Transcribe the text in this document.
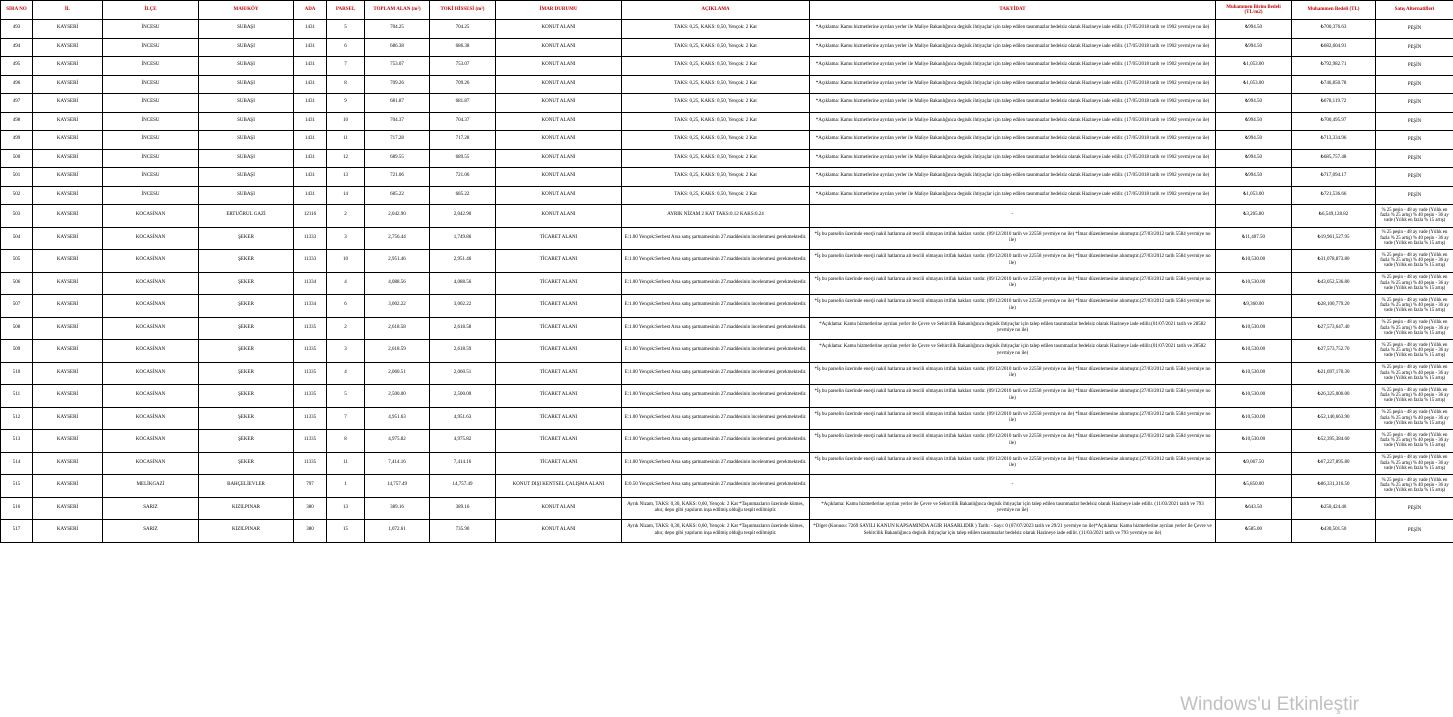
SIRA NO	İL	İLÇE	MAH/KÖY	ADA	PARSEL	TOPLAM ALAN (m²)	TOKİ HİSSESİ (m²)	İMAR DURUMU	AÇIKLAMA	TAKYİDAT	Muhammen Birim Bedeli (TL/m2)	Muhammen Bedeli (TL)	Satış Alternatifleri
493	KAYSERİ	İNCESU	SUBAŞI	1431	5	704.25	704.25	KONUT ALANI	TAKS: 0,25, KAKS: 0,50, Yençok: 2 Kat	*Açıklama: Kamu hizmetlerine ayrılan yerler ile Maliye Bakanlığınca degisik ihtiyaçlar için talep edilen tasınmazlar bedelsiz olarak Hazineye iade edilir. (17/05/2018 tarih ve 1902 yevmiye no ile)	₺994.50	₺700,376.63	PEŞİN
494	KAYSERİ	İNCESU	SUBAŞI	1431	6	686.38	686.38	KONUT ALANI	TAKS: 0,25, KAKS: 0,50, Yençok: 2 Kat	*Açıklama: Kamu hizmetlerine ayrılan yerler ile Maliye Bakanlığınca degisik ihtiyaçlar için talep edilen tasınmazlar bedelsiz olarak Hazineye iade edilir. (17/05/2018 tarih ve 1902 yevmiye no ile)	₺994.50	₺682,604.91	PEŞİN
495	KAYSERİ	İNCESU	SUBAŞI	1431	7	753.07	753.07	KONUT ALANI	TAKS: 0,25, KAKS: 0,50, Yençok: 2 Kat	*Açıklama: Kamu hizmetlerine ayrılan yerler ile Maliye Bakanlığınca degisik ihtiyaçlar için talep edilen tasınmazlar bedelsiz olarak Hazineye iade edilir. (17/05/2018 tarih ve 1902 yevmiye no ile)	₺1,053.00	₺792,982.71	PEŞİN
496	KAYSERİ	İNCESU	SUBAŞI	1431	8	709.26	709.26	KONUT ALANI	TAKS: 0,25, KAKS: 0,50, Yençok: 2 Kat	*Açıklama: Kamu hizmetlerine ayrılan yerler ile Maliye Bakanlığınca degisik ihtiyaçlar için talep edilen tasınmazlar bedelsiz olarak Hazineye iade edilir. (17/05/2018 tarih ve 1902 yevmiye no ile)	₺1,053.00	₺746,850.78	PEŞİN
497	KAYSERİ	İNCESU	SUBAŞI	1431	9	681.87	681.87	KONUT ALANI	TAKS: 0,25, KAKS: 0,50, Yençok: 2 Kat	*Açıklama: Kamu hizmetlerine ayrılan yerler ile Maliye Bakanlığınca degisik ihtiyaçlar için talep edilen tasınmazlar bedelsiz olarak Hazineye iade edilir. (17/05/2018 tarih ve 1902 yevmiye no ile)	₺994.50	₺678,119.72	PEŞİN
498	KAYSERİ	İNCESU	SUBAŞI	1431	10	704.37	704.37	KONUT ALANI	TAKS: 0,25, KAKS: 0,50, Yençok: 2 Kat	*Açıklama: Kamu hizmetlerine ayrılan yerler ile Maliye Bakanlığınca degisik ihtiyaçlar için talep edilen tasınmazlar bedelsiz olarak Hazineye iade edilir. (17/05/2018 tarih ve 1902 yevmiye no ile)	₺994.50	₺700,495.97	PEŞİN
499	KAYSERİ	İNCESU	SUBAŞI	1431	11	717.28	717.28	KONUT ALANI	TAKS: 0,25, KAKS: 0,50, Yençok: 2 Kat	*Açıklama: Kamu hizmetlerine ayrılan yerler ile Maliye Bakanlığınca degisik ihtiyaçlar için talep edilen tasınmazlar bedelsiz olarak Hazineye iade edilir. (17/05/2018 tarih ve 1902 yevmiye no ile)	₺994.50	₺713,334.96	PEŞİN
500	KAYSERİ	İNCESU	SUBAŞI	1431	12	689.55	689.55	KONUT ALANI	TAKS: 0,25, KAKS: 0,50, Yençok: 2 Kat	*Açıklama: Kamu hizmetlerine ayrılan yerler ile Maliye Bakanlığınca degisik ihtiyaçlar için talep edilen tasınmazlar bedelsiz olarak Hazineye iade edilir. (17/05/2018 tarih ve 1902 yevmiye no ile)	₺994.50	₺685,757.48	PEŞİN
501	KAYSERİ	İNCESU	SUBAŞI	1431	13	721.06	721.06	KONUT ALANI	TAKS: 0,25, KAKS: 0,50, Yençok: 2 Kat	*Açıklama: Kamu hizmetlerine ayrılan yerler ile Maliye Bakanlığınca degisik ihtiyaçlar için talep edilen tasınmazlar bedelsiz olarak Hazineye iade edilir. (17/05/2018 tarih ve 1902 yevmiye no ile)	₺994.50	₺717,094.17	PEŞİN
502	KAYSERİ	İNCESU	SUBAŞI	1431	14	685.22	685.22	KONUT ALANI	TAKS: 0,25, KAKS: 0,50, Yençok: 2 Kat	*Açıklama: Kamu hizmetlerine ayrılan yerler ile Maliye Bakanlığınca degisik ihtiyaçlar için talep edilen tasınmazlar bedelsiz olarak Hazineye iade edilir. (17/05/2018 tarih ve 1902 yevmiye no ile)	₺1,053.00	₺721,536.66	PEŞİN
503	KAYSERİ	KOCASİNAN	ERTUĞRUL GAZİ	12116	2	2,042.90	2,042.90	KONUT ALANI	AYRIK NİZAM 2 KAT TAKS:0.12 KAKS:0.24	-	₺3,205.80	₺6,549,128.82	% 25 peşin - 48 ay vade (Yıllık en fazla % 25 artış) % 40 peşin - 36 ay vade (Yıllık en fazla % 15 artış)
504	KAYSERİ	KOCASİNAN	ŞEKER	11333	3	2,756.44	1,749.86	TİCARET ALANI	E:1.00 Yençok:Serbest Arsa satış şartnamesinin 27.maddesinin incelenmesi gerekmektedir.	*İş bu parselin üzerinde enerji nakil hatlarına ait tescili olmayan irtifak hakları vardır. (09/12/2010 tarih ve 22558 yevmiye no ile) *İmar düzenlemesine alınmıştır.(27/03/2012 tarih 5584 yevmiye no ile)	₺11,407.50	₺19,961,527.95	% 25 peşin - 48 ay vade (Yıllık en fazla % 25 artış) % 40 peşin - 36 ay vade (Yıllık en fazla % 15 artış)
505	KAYSERİ	KOCASİNAN	ŞEKER	11333	10	2,951.46	2,951.46	TİCARET ALANI	E:1.00 Yençok:Serbest Arsa satış şartnamesinin 27.maddesinin incelenmesi gerekmektedir.	*İş bu parselin üzerinde enerji nakil hatlarına ait tescili olmayan irtifak hakları vardır. (09/12/2010 tarih ve 22558 yevmiye no ile) *İmar düzenlemesine alınmıştır.(27/03/2012 tarih 5584 yevmiye no ile)	₺10,530.00	₺31,078,873.80	% 25 peşin - 48 ay vade (Yıllık en fazla % 25 artış) % 40 peşin - 36 ay vade (Yıllık en fazla % 15 artış)
506	KAYSERİ	KOCASİNAN	ŞEKER	11334	4	4,088.56	4,088.56	TİCARET ALANI	E:1.00 Yençok:Serbest Arsa satış şartnamesinin 27.maddesinin incelenmesi gerekmektedir.	*İş bu parselin üzerinde enerji nakil hatlarına ait tescili olmayan irtifak hakları vardır. (09/12/2010 tarih ve 22558 yevmiye no ile) *İmar düzenlemesine alınmıştır.(27/03/2012 tarih 5584 yevmiye no ile)	₺10,530.00	₺43,052,536.80	% 25 peşin - 48 ay vade (Yıllık en fazla % 25 artış) % 40 peşin - 36 ay vade (Yıllık en fazla % 15 artış)
507	KAYSERİ	KOCASİNAN	ŞEKER	11334	6	3,002.22	3,002.22	TİCARET ALANI	E:1.00 Yençok:Serbest Arsa satış şartnamesinin 27.maddesinin incelenmesi gerekmektedir.	*İş bu parselin üzerinde enerji nakil hatlarına ait tescili olmayan irtifak hakları vardır. (09/12/2010 tarih ve 22558 yevmiye no ile) *İmar düzenlemesine alınmıştır.(27/03/2012 tarih 5584 yevmiye no ile)	₺9,360.00	₺28,100,779.20	% 25 peşin - 48 ay vade (Yıllık en fazla % 25 artış) % 40 peşin - 36 ay vade (Yıllık en fazla % 15 artış)
508	KAYSERİ	KOCASİNAN	ŞEKER	11335	2	2,618.58	2,618.58	TİCARET ALANI	E:1.00 Yençok:Serbest Arsa satış şartnamesinin 27.maddesinin incelenmesi gerekmektedir.	*Açıklama: Kamu hizmetlerine ayrılan yerler ile Çevre ve Sehircilik Bakanlığınca degisik ihtiyaçlar için talep edilen tasınmazlar bedelsiz olarak Hazineye iade edilir.(01/07/2021 tarih ve 28582 yevmiye no ile)	₺10,530.00	₺27,573,647.40	% 25 peşin - 48 ay vade (Yıllık en fazla % 25 artış) % 40 peşin - 36 ay vade (Yıllık en fazla % 15 artış)
509	KAYSERİ	KOCASİNAN	ŞEKER	11335	3	2,618.59	2,618.59	TİCARET ALANI	E:1.00 Yençok:Serbest Arsa satış şartnamesinin 27.maddesinin incelenmesi gerekmektedir.	*Açıklama: Kamu hizmetlerine ayrılan yerler ile Çevre ve Sehircilik Bakanlığınca degisik ihtiyaçlar için talep edilen tasınmazlar bedelsiz olarak Hazineye iade edilir.(01/07/2021 tarih ve 28582 yevmiye no ile)	₺10,530.00	₺27,573,752.70	% 25 peşin - 48 ay vade (Yıllık en fazla % 25 artış) % 40 peşin - 36 ay vade (Yıllık en fazla % 15 artış)
510	KAYSERİ	KOCASİNAN	ŞEKER	11335	4	2,060.51	2,060.51	TİCARET ALANI	E:1.00 Yençok:Serbest Arsa satış şartnamesinin 27.maddesinin incelenmesi gerekmektedir.	*İş bu parselin üzerinde enerji nakil hatlarına ait tescili olmayan irtifak hakları vardır. (09/12/2010 tarih ve 22558 yevmiye no ile) *İmar düzenlemesine alınmıştır.(27/03/2012 tarih 5584 yevmiye no ile)	₺10,530.00	₺21,697,170.30	% 25 peşin - 48 ay vade (Yıllık en fazla % 25 artış) % 40 peşin - 36 ay vade (Yıllık en fazla % 15 artış)
511	KAYSERİ	KOCASİNAN	ŞEKER	11335	5	2,500.00	2,500.00	TİCARET ALANI	E:1.00 Yençok:Serbest Arsa satış şartnamesinin 27.maddesinin incelenmesi gerekmektedir.	*İş bu parselin üzerinde enerji nakil hatlarına ait tescili olmayan irtifak hakları vardır. (09/12/2010 tarih ve 22558 yevmiye no ile) *İmar düzenlemesine alınmıştır.(27/03/2012 tarih 5584 yevmiye no ile)	₺10,530.00	₺26,325,000.00	% 25 peşin - 48 ay vade (Yıllık en fazla % 25 artış) % 40 peşin - 36 ay vade (Yıllık en fazla % 15 artış)
512	KAYSERİ	KOCASİNAN	ŞEKER	11335	7	4,951.63	4,951.63	TİCARET ALANI	E:1.00 Yençok:Serbest Arsa satış şartnamesinin 27.maddesinin incelenmesi gerekmektedir.	*İş bu parselin üzerinde enerji nakil hatlarına ait tescili olmayan irtifak hakları vardır. (09/12/2010 tarih ve 22558 yevmiye no ile) *İmar düzenlemesine alınmıştır.(27/03/2012 tarih 5584 yevmiye no ile)	₺10,530.00	₺52,140,663.90	% 25 peşin - 48 ay vade (Yıllık en fazla % 25 artış) % 40 peşin - 36 ay vade (Yıllık en fazla % 15 artış)
513	KAYSERİ	KOCASİNAN	ŞEKER	11335	8	4,975.82	4,975.82	TİCARET ALANI	E:1.00 Yençok:Serbest Arsa satış şartnamesinin 27.maddesinin incelenmesi gerekmektedir.	*İş bu parselin üzerinde enerji nakil hatlarına ait tescili olmayan irtifak hakları vardır. (09/12/2010 tarih ve 22558 yevmiye no ile) *İmar düzenlemesine alınmıştır.(27/03/2012 tarih 5584 yevmiye no ile)	₺10,530.00	₺52,395,384.60	% 25 peşin - 48 ay vade (Yıllık en fazla % 25 artış) % 40 peşin - 36 ay vade (Yıllık en fazla % 15 artış)
514	KAYSERİ	KOCASİNAN	ŞEKER	11335	11	7,414.16	7,414.16	TİCARET ALANI	E:1.00 Yençok:Serbest Arsa satış şartnamesinin 27.maddesinin incelenmesi gerekmektedir.	*İş bu parselin üzerinde enerji nakil hatlarına ait tescili olmayan irtifak hakları vardır. (09/12/2010 tarih ve 22558 yevmiye no ile) *İmar düzenlemesine alınmıştır.(27/03/2012 tarih 5584 yevmiye no ile)	₺9,067.50	₺67,227,895.80	% 25 peşin - 48 ay vade (Yıllık en fazla % 25 artış) % 40 peşin - 36 ay vade (Yıllık en fazla % 15 artış)
515	KAYSERİ	MELİKGAZİ	BAHÇELİEVLER	797	1	14,757.49	14,757.49	KONUT DIŞI KENTSEL ÇALIŞMA ALANI	E:0.50 Yençok:Serbest Arsa satış şartnamesinin 27.maddesinin incelenmesi gerekmektedir.	-	₺5,850.00	₺86,331,316.50	% 25 peşin - 48 ay vade (Yıllık en fazla % 25 artış) % 40 peşin - 36 ay vade (Yıllık en fazla % 15 artış)
516	KAYSERİ	SARIZ	KIZILPINAR	380	13	389.16	389.16	KONUT ALANI	Ayrık Nizam, TAKS: 0,30, KAKS: 0,60, Yençok: 2 Kat *Taşınmazların üzerinde kümes, ahır, depo gibi yapıların inşa edilmiş olduğu tespit edilmiştir.	*Açıklama: Kamu hizmetlerine ayrılan yerler ile Çevre ve Sehircilik Bakanlığınca degisik ihtiyaçlar için talep edilen tasınmazlar bedelsiz olarak Hazineye iade edilir. (11/03/2021 tarih ve 793 yevmiye no ile)	₺643.50	₺250,424.46	PEŞİN
517	KAYSERİ	SARIZ	KIZILPINAR	380	15	1,072.61	735.90	KONUT ALANI	Ayrık Nizam, TAKS: 0,30, KAKS: 0,60, Yençok: 2 Kat *Taşınmazların üzerinde kümes, ahır, depo gibi yapıların inşa edilmiş olduğu tespit edilmiştir.	*Diger (Konusu: 7269 SAYILI KANUN KAPSAMINDA AGIR HASARLIDIR ) Tarih: - Sayı: 0 (07/07/2023 tarih ve 29/21 yevmiye no ile)*Açıklama: Kamu hizmetlerine ayrılan yerler ile Çevre ve Sehircilik Bakanlığınca degisik ihtiyaçlar için talep edilen tasınmazlar bedelsiz olarak Hazineye iade edilir. (11/03/2021 tarih ve 793 yevmiye no ile)	₺585.00	₺430,501.50	PEŞİN
Windows'u Etkinleştir
